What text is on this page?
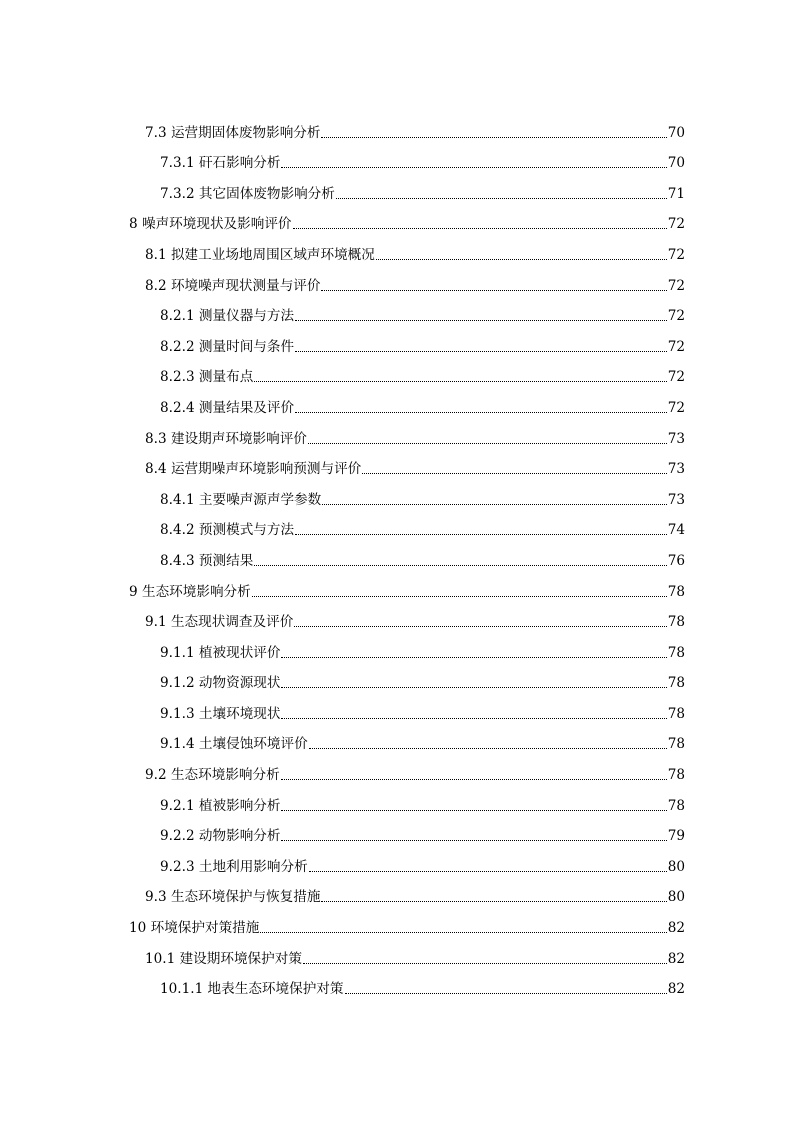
7.3 运营期固体废物影响分析	70
7.3.1 矸石影响分析	70
7.3.2 其它固体废物影响分析	71
8 噪声环境现状及影响评价	72
8.1 拟建工业场地周围区域声环境概况	72
8.2 环境噪声现状测量与评价	72
8.2.1 测量仪器与方法	72
8.2.2 测量时间与条件	72
8.2.3 测量布点	72
8.2.4 测量结果及评价	72
8.3 建设期声环境影响评价	73
8.4 运营期噪声环境影响预测与评价	73
8.4.1 主要噪声源声学参数	73
8.4.2 预测模式与方法	74
8.4.3 预测结果	76
9 生态环境影响分析	78
9.1 生态现状调查及评价	78
9.1.1 植被现状评价	78
9.1.2 动物资源现状	78
9.1.3 土壤环境现状	78
9.1.4 土壤侵蚀环境评价	78
9.2 生态环境影响分析	78
9.2.1 植被影响分析	78
9.2.2 动物影响分析	79
9.2.3 土地利用影响分析	80
9.3 生态环境保护与恢复措施	80
10 环境保护对策措施	82
10.1 建设期环境保护对策	82
10.1.1 地表生态环境保护对策	82
